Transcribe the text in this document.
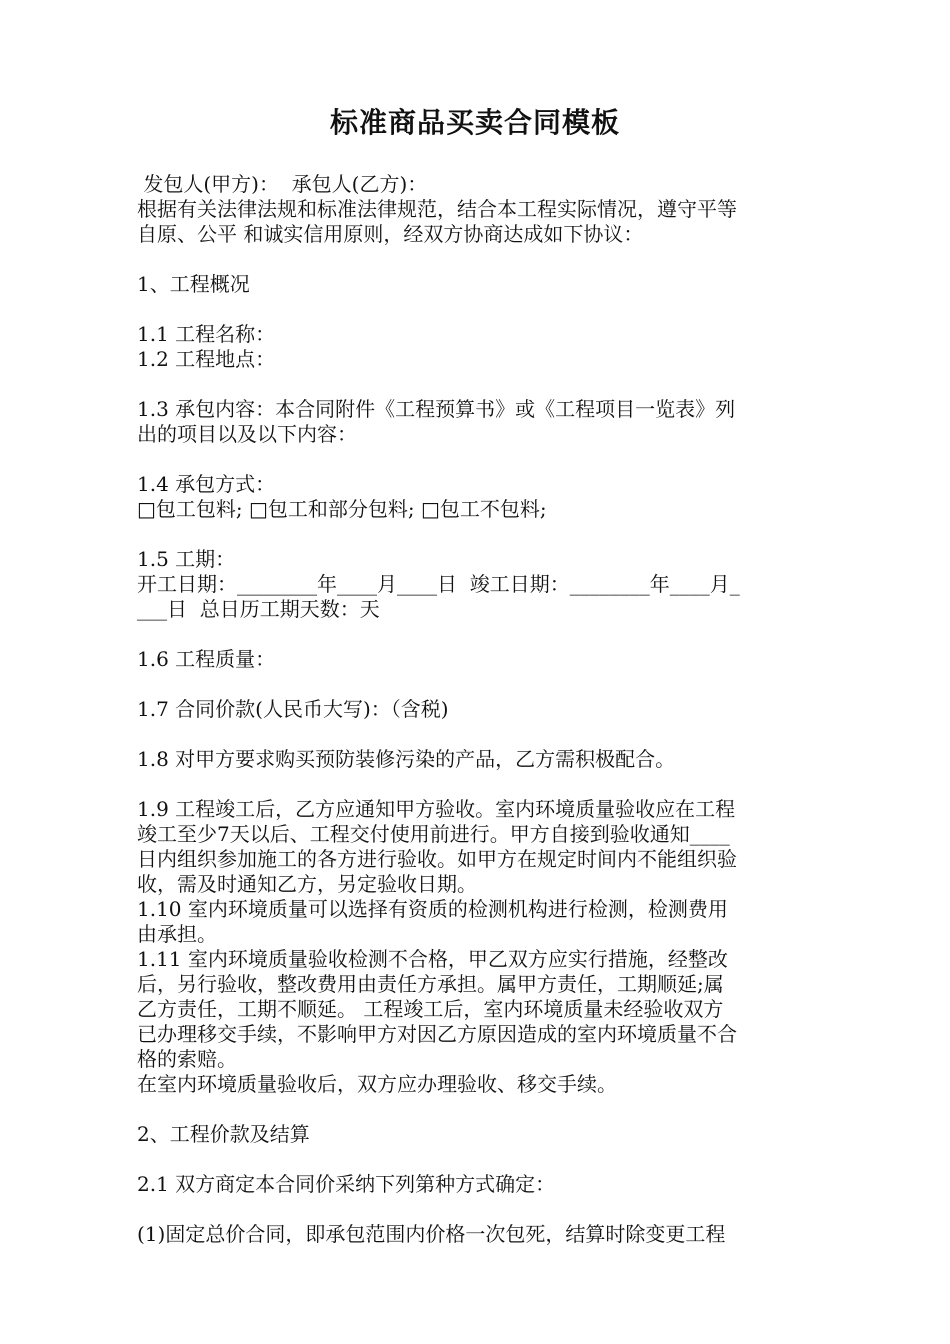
标准商品买卖合同模板
发包人(甲方)：  承包人(乙方)：
根据有关法律法规和标准法律规范，结合本工程实际情况，遵守平等
自原、公平 和诚实信用原则，经双方协商达成如下协议：
1、工程概况
1.1 工程名称：
1.2 工程地点：
1.3 承包内容：本合同附件《工程预算书》或《工程项目一览表》列
出的项目以及以下内容：
1.4 承包方式：
□包工包料; □包工和部分包料; □包工不包料;
1.5 工期：
开工日期：________年____月____日  竣工日期：________年____月_
___日  总日历工期天数：天
1.6 工程质量：
1.7 合同价款(人民币大写)：（含税)
1.8 对甲方要求购买预防装修污染的产品，乙方需积极配合。
1.9 工程竣工后，乙方应通知甲方验收。室内环境质量验收应在工程
竣工至少7天以后、工程交付使用前进行。甲方自接到验收通知____
日内组织参加施工的各方进行验收。如甲方在规定时间内不能组织验
收，需及时通知乙方，另定验收日期。
1.10 室内环境质量可以选择有资质的检测机构进行检测，检测费用
由承担。
1.11 室内环境质量验收检测不合格，甲乙双方应实行措施，经整改
后，另行验收，整改费用由责任方承担。属甲方责任，工期顺延;属
乙方责任，工期不顺延。 工程竣工后，室内环境质量未经验收双方
已办理移交手续，不影响甲方对因乙方原因造成的室内环境质量不合
格的索赔。
在室内环境质量验收后，双方应办理验收、移交手续。
2、工程价款及结算
2.1 双方商定本合同价采纳下列第种方式确定：
(1)固定总价合同，即承包范围内价格一次包死，结算时除变更工程
